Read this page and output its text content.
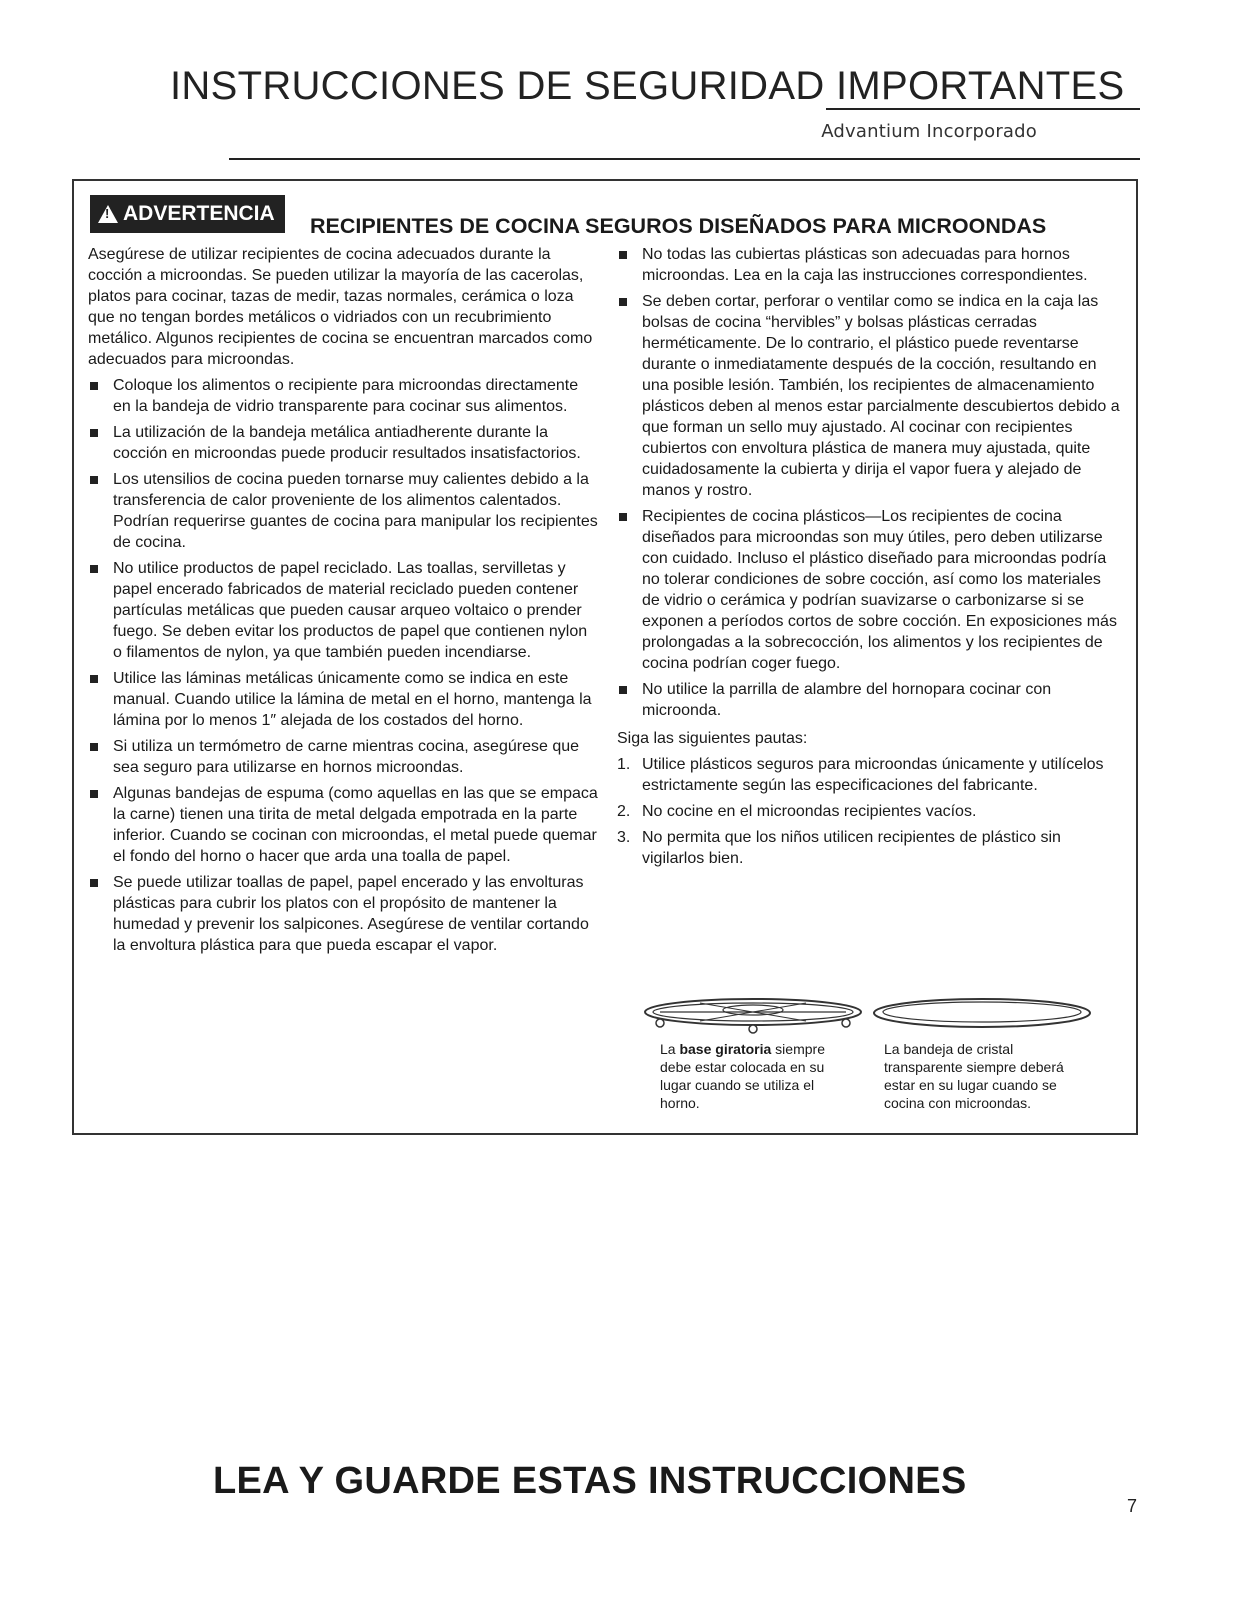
INSTRUCCIONES DE SEGURIDAD IMPORTANTES
Advantium Incorporado
!
ADVERTENCIA
RECIPIENTES DE COCINA SEGUROS DISEÑADOS PARA MICROONDAS

Asegúrese de utilizar recipientes de cocina adecuados durante la cocción a microondas. Se pueden utilizar la mayoría de las cacerolas, platos para cocinar, tazas de medir, tazas normales, cerámica o loza que no tengan bordes metálicos o vidriados con un recubrimiento metálico. Algunos recipientes de cocina se encuentran marcados como adecuados para microondas.

Coloque los alimentos o recipiente para microondas directamente en la bandeja de vidrio transparente para cocinar sus alimentos.
La utilización de la bandeja metálica antiadherente durante la cocción en microondas puede producir resultados insatisfactorios.
Los utensilios de cocina pueden tornarse muy calientes debido a la transferencia de calor proveniente de los alimentos calentados. Podrían requerirse guantes de cocina para manipular los recipientes de cocina.
No utilice productos de papel reciclado. Las toallas, servilletas y papel encerado fabricados de material reciclado pueden contener partículas metálicas que pueden causar arqueo voltaico o prender fuego. Se deben evitar los productos de papel que contienen nylon o filamentos de nylon, ya que también pueden incendiarse.
Utilice las láminas metálicas únicamente como se indica en este manual. Cuando utilice la lámina de metal en el horno, mantenga la lámina por lo menos 1″ alejada de los costados del horno.
Si utiliza un termómetro de carne mientras cocina, asegúrese que sea seguro para utilizarse en hornos microondas.
Algunas bandejas de espuma (como aquellas en las que se empaca la carne) tienen una tirita de metal delgada empotrada en la parte inferior. Cuando se cocinan con microondas, el metal puede quemar el fondo del horno o hacer que arda una toalla de papel.
Se puede utilizar toallas de papel, papel encerado y las envolturas plásticas para cubrir los platos con el propósito de mantener la humedad y prevenir los salpicones. Asegúrese de ventilar cortando la envoltura plástica para que pueda escapar el vapor.
No todas las cubiertas plásticas son adecuadas para hornos microondas. Lea en la caja las instrucciones correspondientes.
Se deben cortar, perforar o ventilar como se indica en la caja las bolsas de cocina “hervibles” y bolsas plásticas cerradas herméticamente. De lo contrario, el plástico puede reventarse durante o inmediatamente después de la cocción, resultando en una posible lesión. También, los recipientes de almacenamiento plásticos deben al menos estar parcialmente descubiertos debido a que forman un sello muy ajustado. Al cocinar con recipientes cubiertos con envoltura plástica de manera muy ajustada, quite cuidadosamente la cubierta y dirija el vapor fuera y alejado de manos y rostro.
Recipientes de cocina plásticos—Los recipientes de cocina diseñados para microondas son muy útiles, pero deben utilizarse con cuidado. Incluso el plástico diseñado para microondas podría no tolerar condiciones de sobre cocción, así como los materiales de vidrio o cerámica y podrían suavizarse o carbonizarse si se exponen a períodos cortos de sobre cocción. En exposiciones más prolongadas a la sobrecocción, los alimentos y los recipientes de cocina podrían coger fuego.
No utilice la parrilla de alambre del hornopara cocinar con microonda.

Siga las siguientes pautas:

1. Utilice plásticos seguros para microondas únicamente y utilícelos estrictamente según las especificaciones del fabricante.
2. No cocine en el microondas recipientes vacíos.
3. No permita que los niños utilicen recipientes de plástico sin vigilarlos bien.
La base giratoria siempre debe estar colocada en su lugar cuando se utiliza el horno.
La bandeja de cristal transparente siempre deberá estar en su lugar cuando se cocina con microondas.
LEA Y GUARDE ESTAS INSTRUCCIONES
7
